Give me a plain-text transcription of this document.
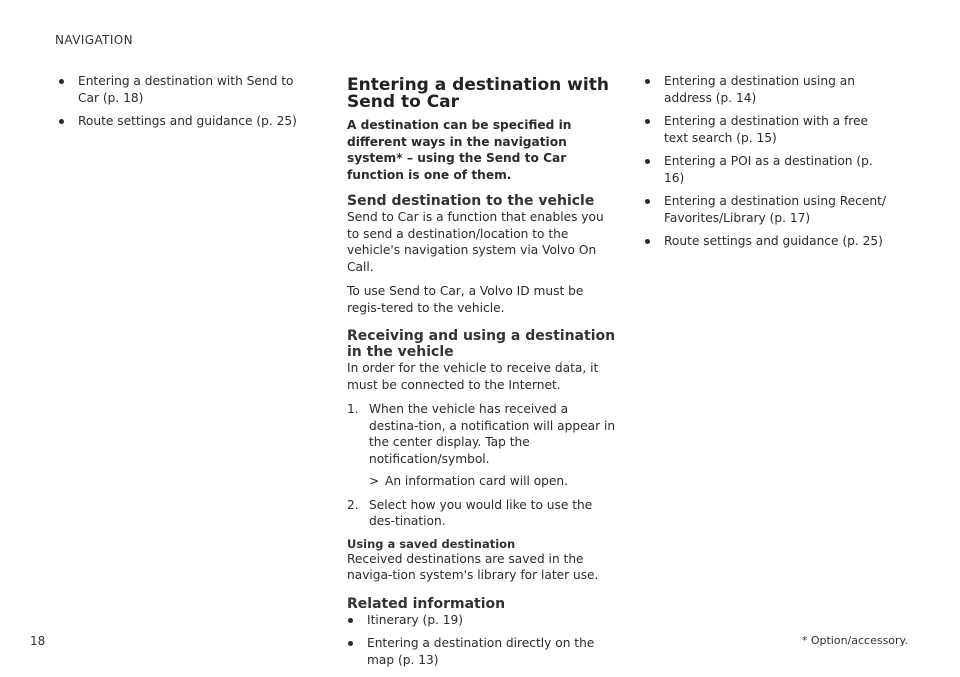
NAVIGATION
Entering a destination with Send to Car (p. 18)
Route settings and guidance (p. 25)
Entering a destination with Send to Car

A destination can be specified in different ways in the navigation system* – using the Send to Car function is one of them.

Send destination to the vehicle

Send to Car is a function that enables you to send a destination/location to the vehicle's navigation system via Volvo On Call.

To use Send to Car, a Volvo ID must be regis-tered to the vehicle.

Receiving and using a destination in the vehicle

In order for the vehicle to receive data, it must be connected to the Internet.

1. When the vehicle has received a destina-tion, a notification will appear in the center display. Tap the notification/symbol.
> An information card will open.
2. Select how you would like to use the des-tination.
Using a saved destination

Received destinations are saved in the naviga-tion system's library for later use.

Related information
Itinerary (p. 19)
Entering a destination directly on the map (p. 13)
Entering a destination using an address (p. 14)
Entering a destination with a free text search (p. 15)
Entering a POI as a destination (p. 16)
Entering a destination using Recent/ Favorites/Library (p. 17)
Route settings and guidance (p. 25)
18	* Option/accessory.
